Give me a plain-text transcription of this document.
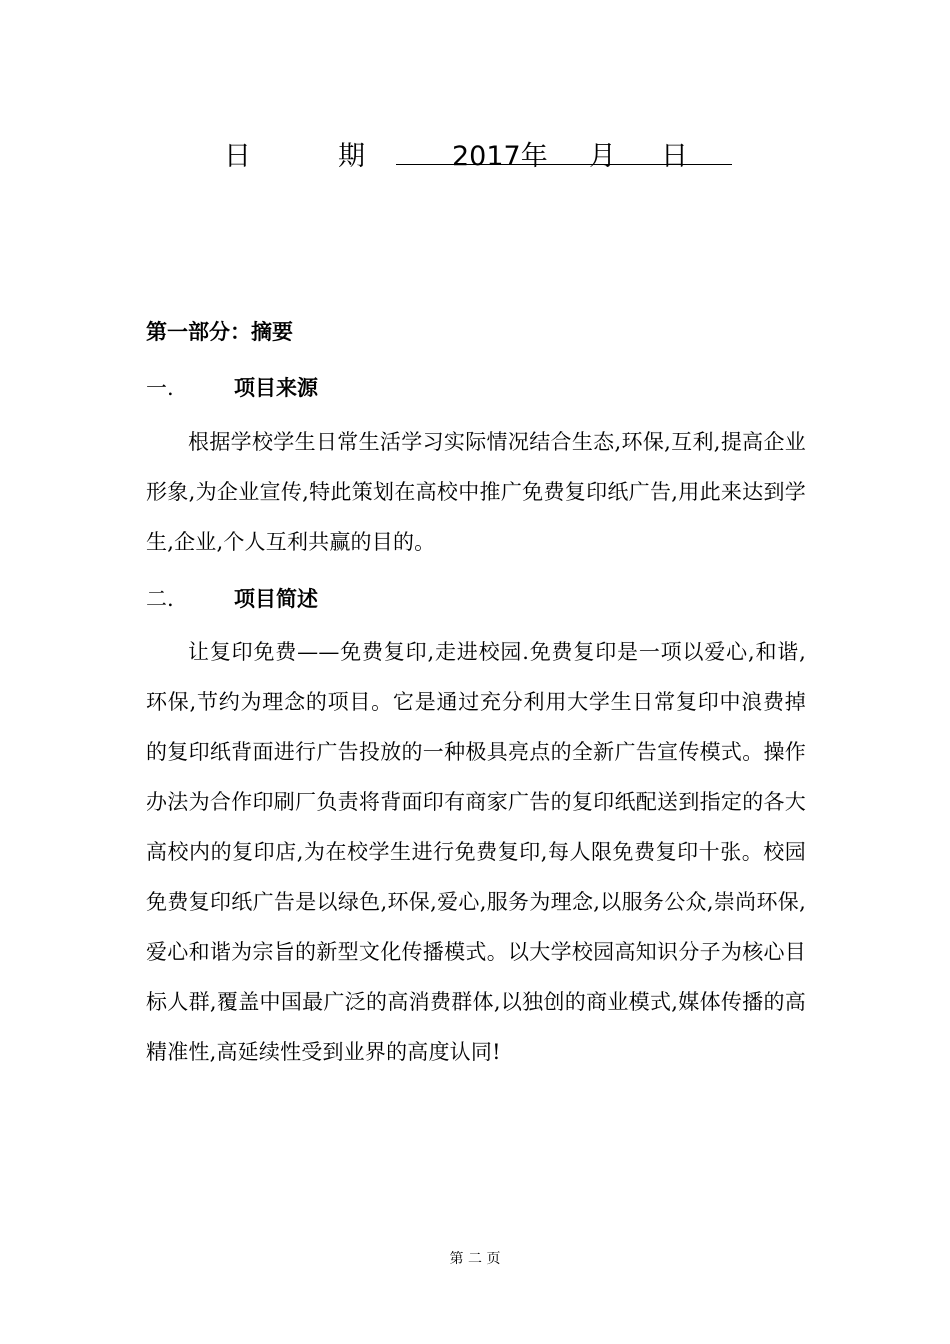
日	期	2017年 月 日
第一部分：摘要
一.	项目来源

根据学校学生日常生活学习实际情况结合生态,环保,互利,提高企业形象,为企业宣传,特此策划在高校中推广免费复印纸广告,用此来达到学生,企业,个人互利共赢的目的。

二.	项目简述

让复印免费——免费复印,走进校园.免费复印是一项以爱心,和谐,环保,节约为理念的项目。它是通过充分利用大学生日常复印中浪费掉的复印纸背面进行广告投放的一种极具亮点的全新广告宣传模式。操作办法为合作印刷厂负责将背面印有商家广告的复印纸配送到指定的各大高校内的复印店,为在校学生进行免费复印,每人限免费复印十张。校园免费复印纸广告是以绿色,环保,爱心,服务为理念,以服务公众,崇尚环保,爱心和谐为宗旨的新型文化传播模式。以大学校园高知识分子为核心目标人群,覆盖中国最广泛的高消费群体,以独创的商业模式,媒体传播的高精准性,高延续性受到业界的高度认同!

第 二 页
